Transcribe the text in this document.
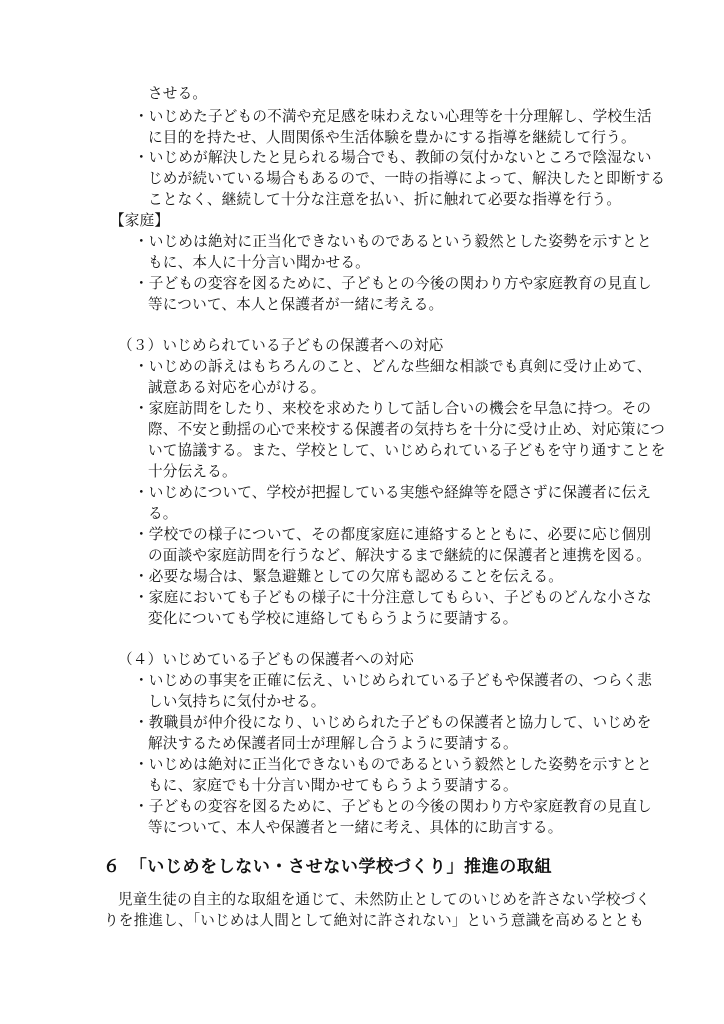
させる。
・いじめた子どもの不満や充足感を味わえない心理等を十分理解し、学校生活
に目的を持たせ、人間関係や生活体験を豊かにする指導を継続して行う。
・いじめが解決したと見られる場合でも、教師の気付かないところで陰湿ない
じめが続いている場合もあるので、一時の指導によって、解決したと即断する
ことなく、継続して十分な注意を払い、折に触れて必要な指導を行う。
【家庭】
・いじめは絶対に正当化できないものであるという毅然とした姿勢を示すとと
もに、本人に十分言い聞かせる。
・子どもの変容を図るために、子どもとの今後の関わり方や家庭教育の見直し
等について、本人と保護者が一緒に考える。
（３）いじめられている子どもの保護者への対応
・いじめの訴えはもちろんのこと、どんな些細な相談でも真剣に受け止めて、
誠意ある対応を心がける。
・家庭訪問をしたり、来校を求めたりして話し合いの機会を早急に持つ。その
際、不安と動揺の心で来校する保護者の気持ちを十分に受け止め、対応策につ
いて協議する。また、学校として、いじめられている子どもを守り通すことを
十分伝える。
・いじめについて、学校が把握している実態や経緯等を隠さずに保護者に伝え
る。
・学校での様子について、その都度家庭に連絡するとともに、必要に応じ個別
の面談や家庭訪問を行うなど、解決するまで継続的に保護者と連携を図る。
・必要な場合は、緊急避難としての欠席も認めることを伝える。
・家庭においても子どもの様子に十分注意してもらい、子どものどんな小さな
変化についても学校に連絡してもらうように要請する。
（４）いじめている子どもの保護者への対応
・いじめの事実を正確に伝え、いじめられている子どもや保護者の、つらく悲
しい気持ちに気付かせる。
・教職員が仲介役になり、いじめられた子どもの保護者と協力して、いじめを
解決するため保護者同士が理解し合うように要請する。
・いじめは絶対に正当化できないものであるという毅然とした姿勢を示すとと
もに、家庭でも十分言い聞かせてもらうよう要請する。
・子どもの変容を図るために、子どもとの今後の関わり方や家庭教育の見直し
等について、本人や保護者と一緒に考え、具体的に助言する。
６　「いじめをしない・させない学校づくり」推進の取組
児童生徒の自主的な取組を通じて、未然防止としてのいじめを許さない学校づく
りを推進し、「いじめは人間として絶対に許されない」という意識を高めるととも
